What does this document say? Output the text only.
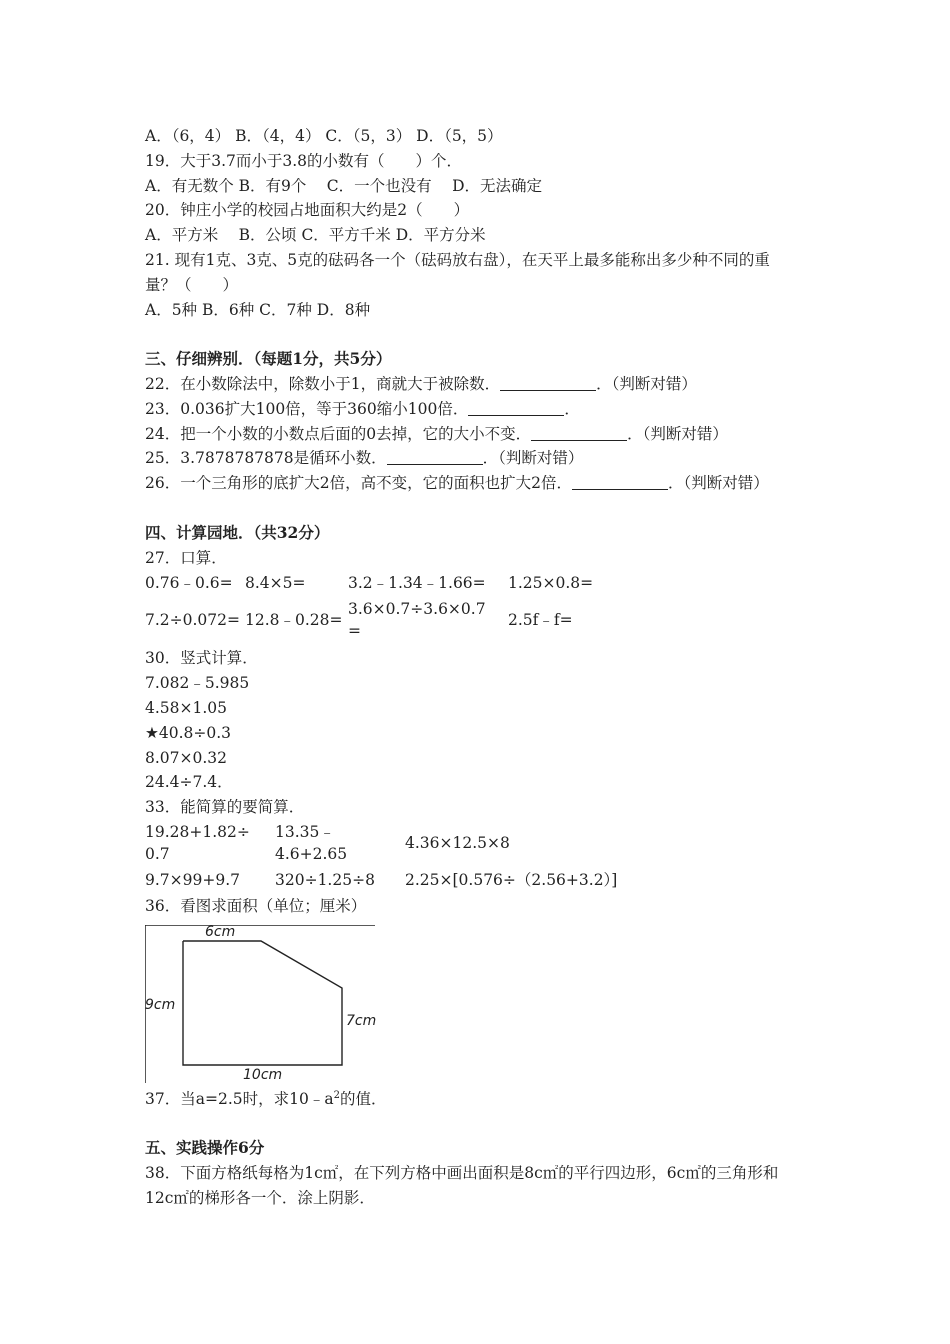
A．（6，4） B．（4，4） C．（5，3） D．（5，5）
19．大于3.7而小于3.8的小数有（　　）个．
A．有无数个 B．有9个　 C．一个也没有　 D．无法确定
20．钟庄小学的校园占地面积大约是2（　　）
A．平方米　 B．公顷 C．平方千米 D．平方分米
21. 现有1克、3克、5克的砝码各一个（砝码放右盘），在天平上最多能称出多少种不同的重
量？（　　）
A．5种 B．6种 C．7种 D．8种
三、仔细辨别．（每题1分，共5分）
22．在小数除法中，除数小于1，商就大于被除数．	．（判断对错）
23．0.036扩大100倍，等于360缩小100倍．	．
24．把一个小数的小数点后面的0去掉，它的大小不变．	．（判断对错）
25．3.7878787878是循环小数．	．（判断对错）
26．一个三角形的底扩大2倍，高不变，它的面积也扩大2倍．	．（判断对错）
四、计算园地．（共32分）
27．口算．
0.76﹣0.6=	8.4×5=	3.2﹣1.34﹣1.66=	1.25×0.8=
7.2÷0.072=	12.8﹣0.28=	3.6×0.7÷3.6×0.7=	2.5f﹣f=
30．竖式计算．
7.082﹣5.985
4.58×1.05
★40.8÷0.3
8.07×0.32
24.4÷7.4．
33．能简算的要简算．
19.28+1.82÷0.7	13.35﹣4.6+2.65	4.36×12.5×8
9.7×99+9.7	320÷1.25÷8	2.25×[0.576÷（2.56+3.2）]
36．看图求面积（单位；厘米）
6cm
9cm
7cm
10cm
37．当a=2.5时，求$10﹣a^2$的值．
五、实践操作6分
38．下面方格纸每格为1c㎡，在下列方格中画出面积是8c㎡的平行四边形，6c㎡的三角形和
12c㎡的梯形各一个．涂上阴影．
